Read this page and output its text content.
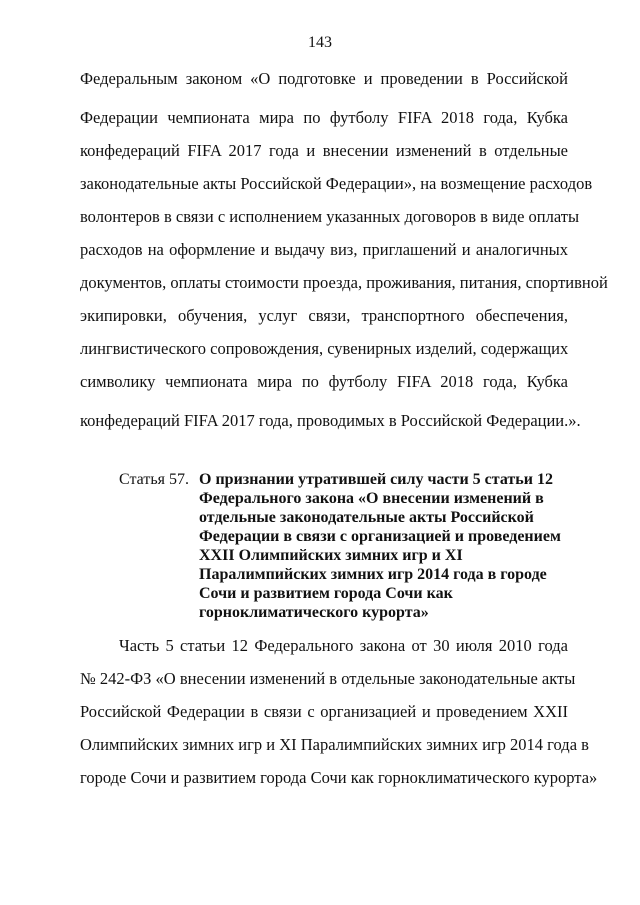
143
Федеральным законом «О подготовке и проведении в Российской
Федерации чемпионата мира по футболу FIFA 2018 года, Кубка
конфедераций FIFA 2017 года и внесении изменений в отдельные
законодательные акты Российской Федерации», на возмещение расходов
волонтеров в связи с исполнением указанных договоров в виде оплаты
расходов на оформление и выдачу виз, приглашений и аналогичных
документов, оплаты стоимости проезда, проживания, питания, спортивной
экипировки, обучения, услуг связи, транспортного обеспечения,
лингвистического сопровождения, сувенирных изделий, содержащих
символику чемпионата мира по футболу FIFA 2018 года, Кубка
конфедераций FIFA 2017 года, проводимых в Российской Федерации.».
Статья 57. О признании утратившей силу части 5 статьи 12
Федерального закона «О внесении изменений в
отдельные законодательные акты Российской
Федерации в связи с организацией и проведением
XXII Олимпийских зимних игр и XI
Паралимпийских зимних игр 2014 года в городе
Сочи и развитием города Сочи как
горноклиматического курорта»
Часть 5 статьи 12 Федерального закона от 30 июля 2010 года
№ 242-ФЗ «О внесении изменений в отдельные законодательные акты
Российской Федерации в связи с организацией и проведением XXII
Олимпийских зимних игр и XI Паралимпийских зимних игр 2014 года в
городе Сочи и развитием города Сочи как горноклиматического курорта»
